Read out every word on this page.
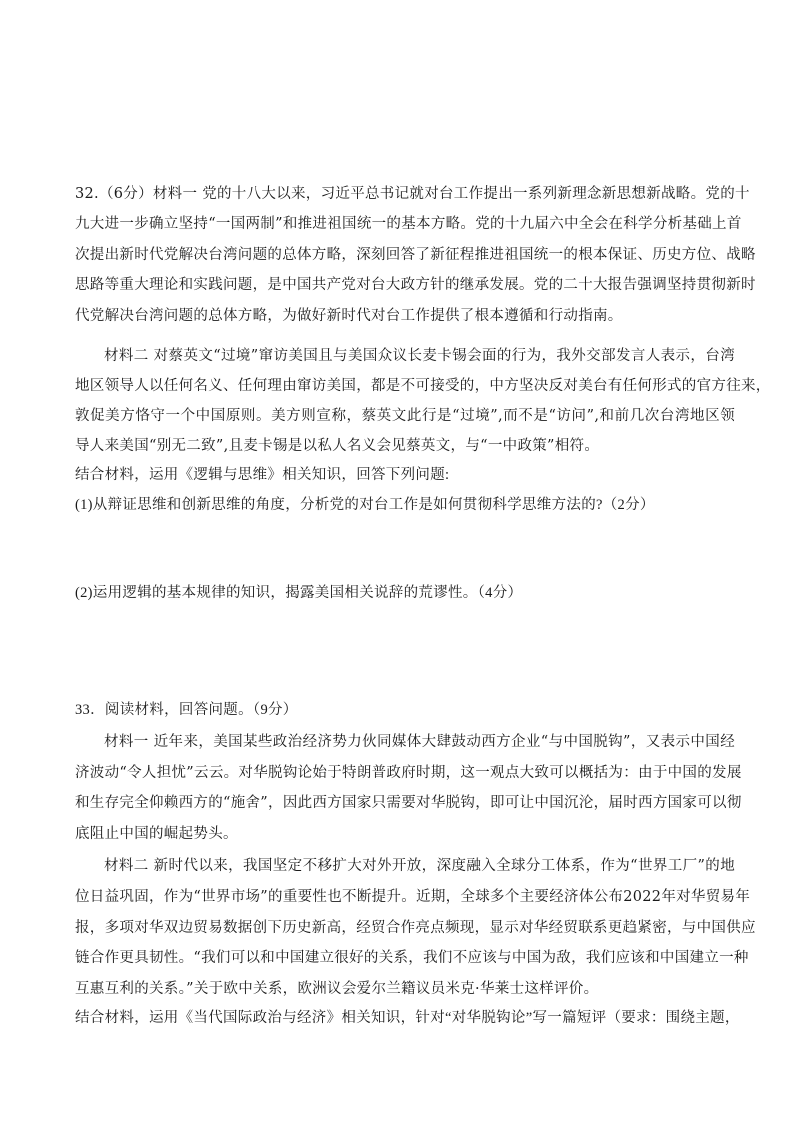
32.（6分）材料一 党的十八大以来，习近平总书记就对台工作提出一系列新理念新思想新战略。党的十
九大进一步确立坚持“一国两制”和推进祖国统一的基本方略。党的十九届六中全会在科学分析基础上首
次提出新时代党解决台湾问题的总体方略，深刻回答了新征程推进祖国统一的根本保证、历史方位、战略
思路等重大理论和实践问题，是中国共产党对台大政方针的继承发展。党的二十大报告强调坚持贯彻新时
代党解决台湾问题的总体方略，为做好新时代对台工作提供了根本遵循和行动指南。
材料二 对蔡英文“过境”窜访美国且与美国众议长麦卡锡会面的行为，我外交部发言人表示，台湾
地区领导人以任何名义、任何理由窜访美国，都是不可接受的，中方坚决反对美台有任何形式的官方往来，
敦促美方恪守一个中国原则。美方则宣称，蔡英文此行是“过境”,而不是“访问”,和前几次台湾地区领
导人来美国“别无二致”,且麦卡锡是以私人名义会见蔡英文，与“一中政策”相符。
结合材料，运用《逻辑与思维》相关知识，回答下列问题:
(1)从辩证思维和创新思维的角度，分析党的对台工作是如何贯彻科学思维方法的?（2分）
(2)运用逻辑的基本规律的知识，揭露美国相关说辞的荒谬性。（4分）
33．阅读材料，回答问题。（9分）
材料一 近年来，美国某些政治经济势力伙同媒体大肆鼓动西方企业“与中国脱钩”，又表示中国经
济波动“令人担忧”云云。对华脱钩论始于特朗普政府时期，这一观点大致可以概括为：由于中国的发展
和生存完全仰赖西方的“施舍”，因此西方国家只需要对华脱钩，即可让中国沉沦，届时西方国家可以彻
底阻止中国的崛起势头。
材料二 新时代以来，我国坚定不移扩大对外开放，深度融入全球分工体系，作为“世界工厂”的地
位日益巩固，作为“世界市场”的重要性也不断提升。近期，全球多个主要经济体公布2022年对华贸易年
报，多项对华双边贸易数据创下历史新高，经贸合作亮点频现，显示对华经贸联系更趋紧密，与中国供应
链合作更具韧性。“我们可以和中国建立很好的关系，我们不应该与中国为敌，我们应该和中国建立一种
互惠互利的关系。”关于欧中关系，欧洲议会爱尔兰籍议员米克·华莱士这样评价。
结合材料，运用《当代国际政治与经济》相关知识，针对“对华脱钩论”写一篇短评（要求：围绕主题，
